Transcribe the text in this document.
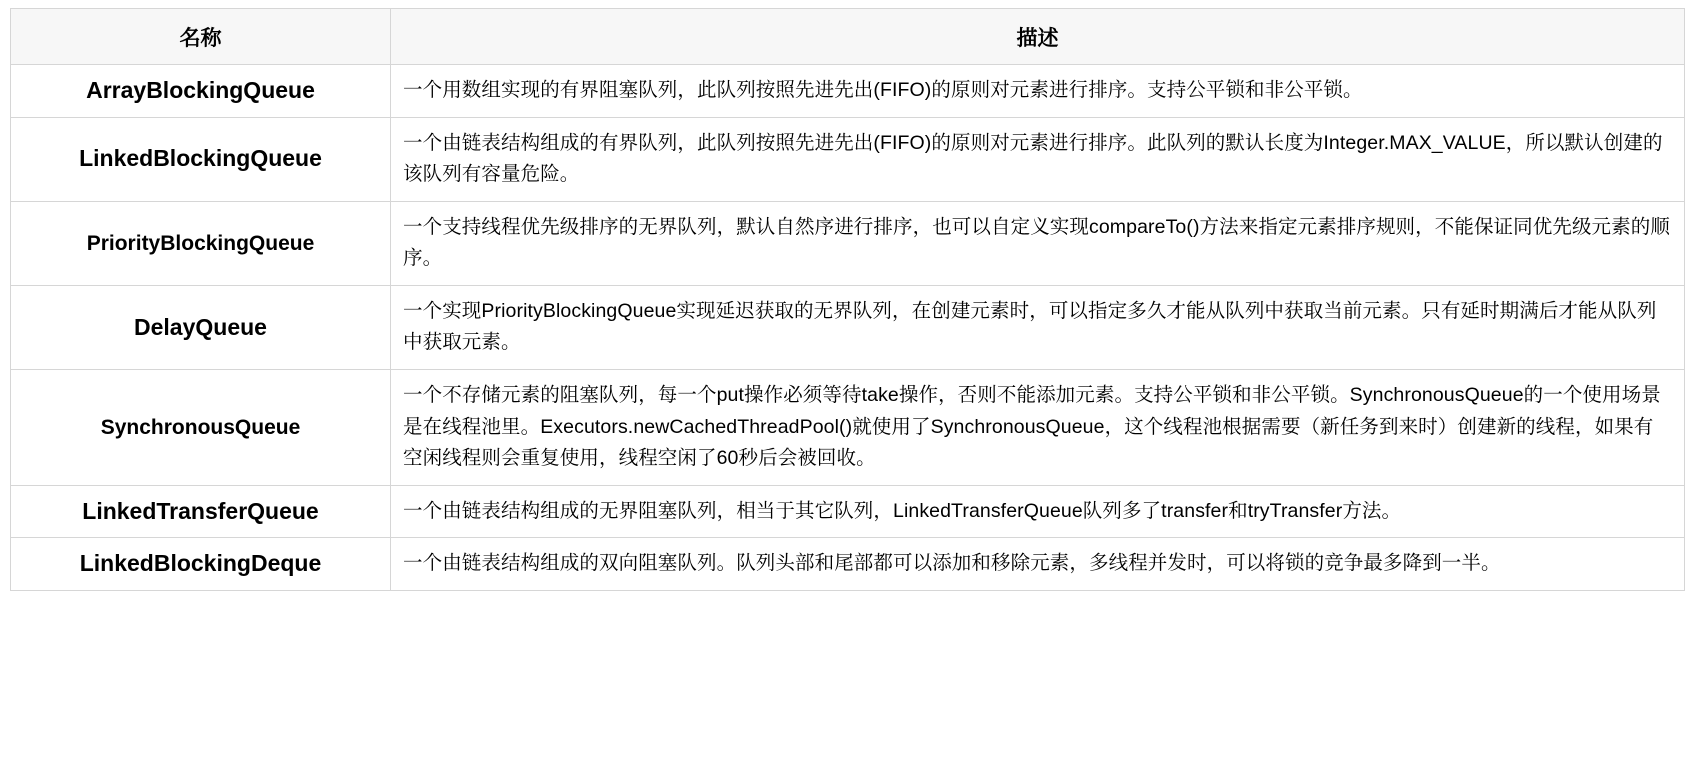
名称	描述
ArrayBlockingQueue	一个用数组实现的有界阻塞队列，此队列按照先进先出(FIFO)的原则对元素进行排序。支持公平锁和非公平锁。
LinkedBlockingQueue	一个由链表结构组成的有界队列，此队列按照先进先出(FIFO)的原则对元素进行排序。此队列的默认长度为Integer.MAX_VALUE，所以默认创建的该队列有容量危险。
PriorityBlockingQueue	一个支持线程优先级排序的无界队列，默认自然序进行排序，也可以自定义实现compareTo()方法来指定元素排序规则，不能保证同优先级元素的顺序。
DelayQueue	一个实现PriorityBlockingQueue实现延迟获取的无界队列，在创建元素时，可以指定多久才能从队列中获取当前元素。只有延时期满后才能从队列中获取元素。
SynchronousQueue	一个不存储元素的阻塞队列，每一个put操作必须等待take操作，否则不能添加元素。支持公平锁和非公平锁。SynchronousQueue的一个使用场景是在线程池里。Executors.newCachedThreadPool()就使用了SynchronousQueue，这个线程池根据需要（新任务到来时）创建新的线程，如果有空闲线程则会重复使用，线程空闲了60秒后会被回收。
LinkedTransferQueue	一个由链表结构组成的无界阻塞队列，相当于其它队列，LinkedTransferQueue队列多了transfer和tryTransfer方法。
LinkedBlockingDeque	一个由链表结构组成的双向阻塞队列。队列头部和尾部都可以添加和移除元素，多线程并发时，可以将锁的竞争最多降到一半。
